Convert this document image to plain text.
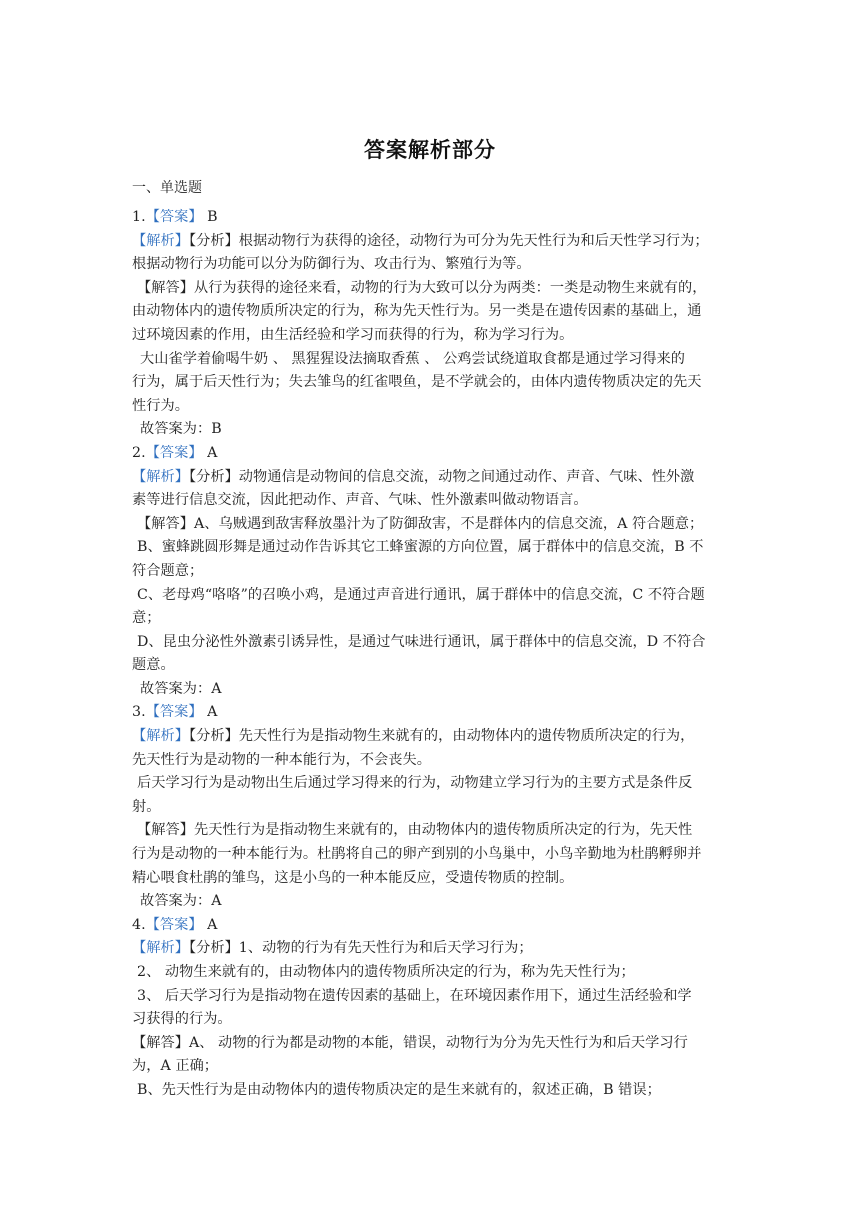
答案解析部分
一、单选题
1.【答案】 B
【解析】【分析】根据动物行为获得的途径，动物行为可分为先天性行为和后天性学习行为；
根据动物行为功能可以分为防御行为、攻击行为、繁殖行为等。
【解答】从行为获得的途径来看，动物的行为大致可以分为两类：一类是动物生来就有的，
由动物体内的遗传物质所决定的行为，称为先天性行为。另一类是在遗传因素的基础上，通
过环境因素的作用，由生活经验和学习而获得的行为，称为学习行为。
大山雀学着偷喝牛奶 、 黑猩猩设法摘取香蕉 、 公鸡尝试绕道取食都是通过学习得来的
行为，属于后天性行为；失去雏鸟的红雀喂鱼，是不学就会的，由体内遗传物质决定的先天
性行为。
故答案为：B
2.【答案】 A
【解析】【分析】动物通信是动物间的信息交流，动物之间通过动作、声音、气味、性外激
素等进行信息交流，因此把动作、声音、气味、性外激素叫做动物语言。
【解答】A、乌贼遇到敌害释放墨汁为了防御敌害，不是群体内的信息交流，A 符合题意；
B、蜜蜂跳圆形舞是通过动作告诉其它工蜂蜜源的方向位置，属于群体中的信息交流，B 不
符合题意；
C、老母鸡“咯咯”的召唤小鸡，是通过声音进行通讯，属于群体中的信息交流，C 不符合题
意；
D、昆虫分泌性外激素引诱异性，是通过气味进行通讯，属于群体中的信息交流，D 不符合
题意。
故答案为：A
3.【答案】 A
【解析】【分析】先天性行为是指动物生来就有的，由动物体内的遗传物质所决定的行为，
先天性行为是动物的一种本能行为，不会丧失。
后天学习行为是动物出生后通过学习得来的行为，动物建立学习行为的主要方式是条件反
射。
【解答】先天性行为是指动物生来就有的，由动物体内的遗传物质所决定的行为，先天性
行为是动物的一种本能行为。杜鹃将自己的卵产到别的小鸟巢中，小鸟辛勤地为杜鹃孵卵并
精心喂食杜鹃的雏鸟，这是小鸟的一种本能反应，受遗传物质的控制。
故答案为：A
4.【答案】 A
【解析】【分析】1、动物的行为有先天性行为和后天学习行为；
2、 动物生来就有的，由动物体内的遗传物质所决定的行为，称为先天性行为；
3、 后天学习行为是指动物在遗传因素的基础上，在环境因素作用下，通过生活经验和学
习获得的行为。
【解答】A、 动物的行为都是动物的本能，错误，动物行为分为先天性行为和后天学习行
为，A 正确；
B、先天性行为是由动物体内的遗传物质决定的是生来就有的，叙述正确，B 错误；
